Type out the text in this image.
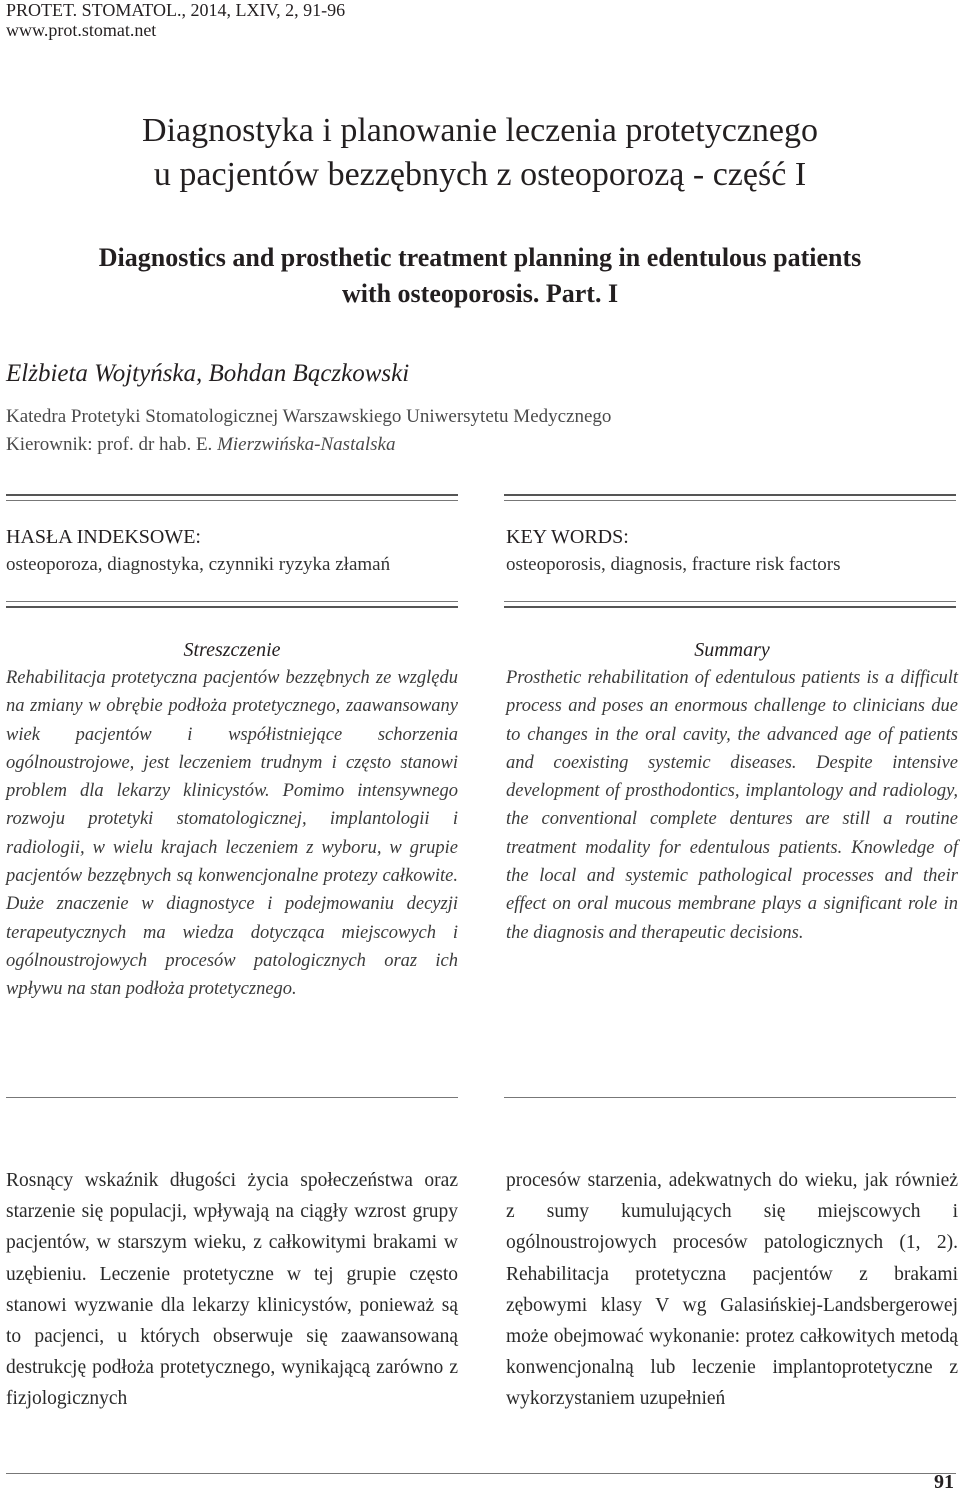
PROTET. STOMATOL., 2014, LXIV, 2, 91-96
www.prot.stomat.net
Diagnostyka i planowanie leczenia protetycznego
u pacjentów bezzębnych z osteoporozą - część I
Diagnostics and prosthetic treatment planning in edentulous patients
with osteoporosis. Part. I
Elżbieta Wojtyńska, Bohdan Bączkowski
Katedra Protetyki Stomatologicznej Warszawskiego Uniwersytetu Medycznego
Kierownik: prof. dr hab. E. Mierzwińska-Nastalska
HASŁA INDEKSOWE:
osteoporoza, diagnostyka, czynniki ryzyka złamań
KEY WORDS:
osteoporosis, diagnosis, fracture risk factors
Streszczenie
Rehabilitacja protetyczna pacjentów bezzębnych ze względu na zmiany w obrębie podłoża protetycznego, zaawansowany wiek pacjentów i współistniejące schorzenia ogólnoustrojowe, jest leczeniem trudnym i często stanowi problem dla lekarzy klinicystów. Pomimo intensywnego rozwoju protetyki stomatologicznej, implantologii i radiologii, w wielu krajach leczeniem z wyboru, w grupie pacjentów bezzębnych są konwencjonalne protezy całkowite. Duże znaczenie w diagnostyce i podejmowaniu decyzji terapeutycznych ma wiedza dotycząca miejscowych i ogólnoustrojowych procesów patologicznych oraz ich wpływu na stan podłoża protetycznego.
Summary
Prosthetic rehabilitation of edentulous patients is a difficult process and poses an enormous challenge to clinicians due to changes in the oral cavity, the advanced age of patients and coexisting systemic diseases. Despite intensive development of prosthodontics, implantology and radiology, the conventional complete dentures are still a routine treatment modality for edentulous patients. Knowledge of the local and systemic pathological processes and their effect on oral mucous membrane plays a significant role in the diagnosis and therapeutic decisions.
Rosnący wskaźnik długości życia społeczeństwa oraz starzenie się populacji, wpływają na ciągły wzrost grupy pacjentów, w starszym wieku, z całkowitymi brakami w uzębieniu. Leczenie protetyczne w tej grupie często stanowi wyzwanie dla lekarzy klinicystów, ponieważ są to pacjenci, u których obserwuje się zaawansowaną destrukcję podłoża protetycznego, wynikającą zarówno z fizjologicznych
procesów starzenia, adekwatnych do wieku, jak również z sumy kumulujących się miejscowych i ogólnoustrojowych procesów patologicznych (1, 2). Rehabilitacja protetyczna pacjentów z brakami zębowymi klasy V wg Galasińskiej-Landsbergerowej może obejmować wykonanie: protez całkowitych metodą konwencjonalną lub leczenie implantoprotetyczne z wykorzystaniem uzupełnień
91
